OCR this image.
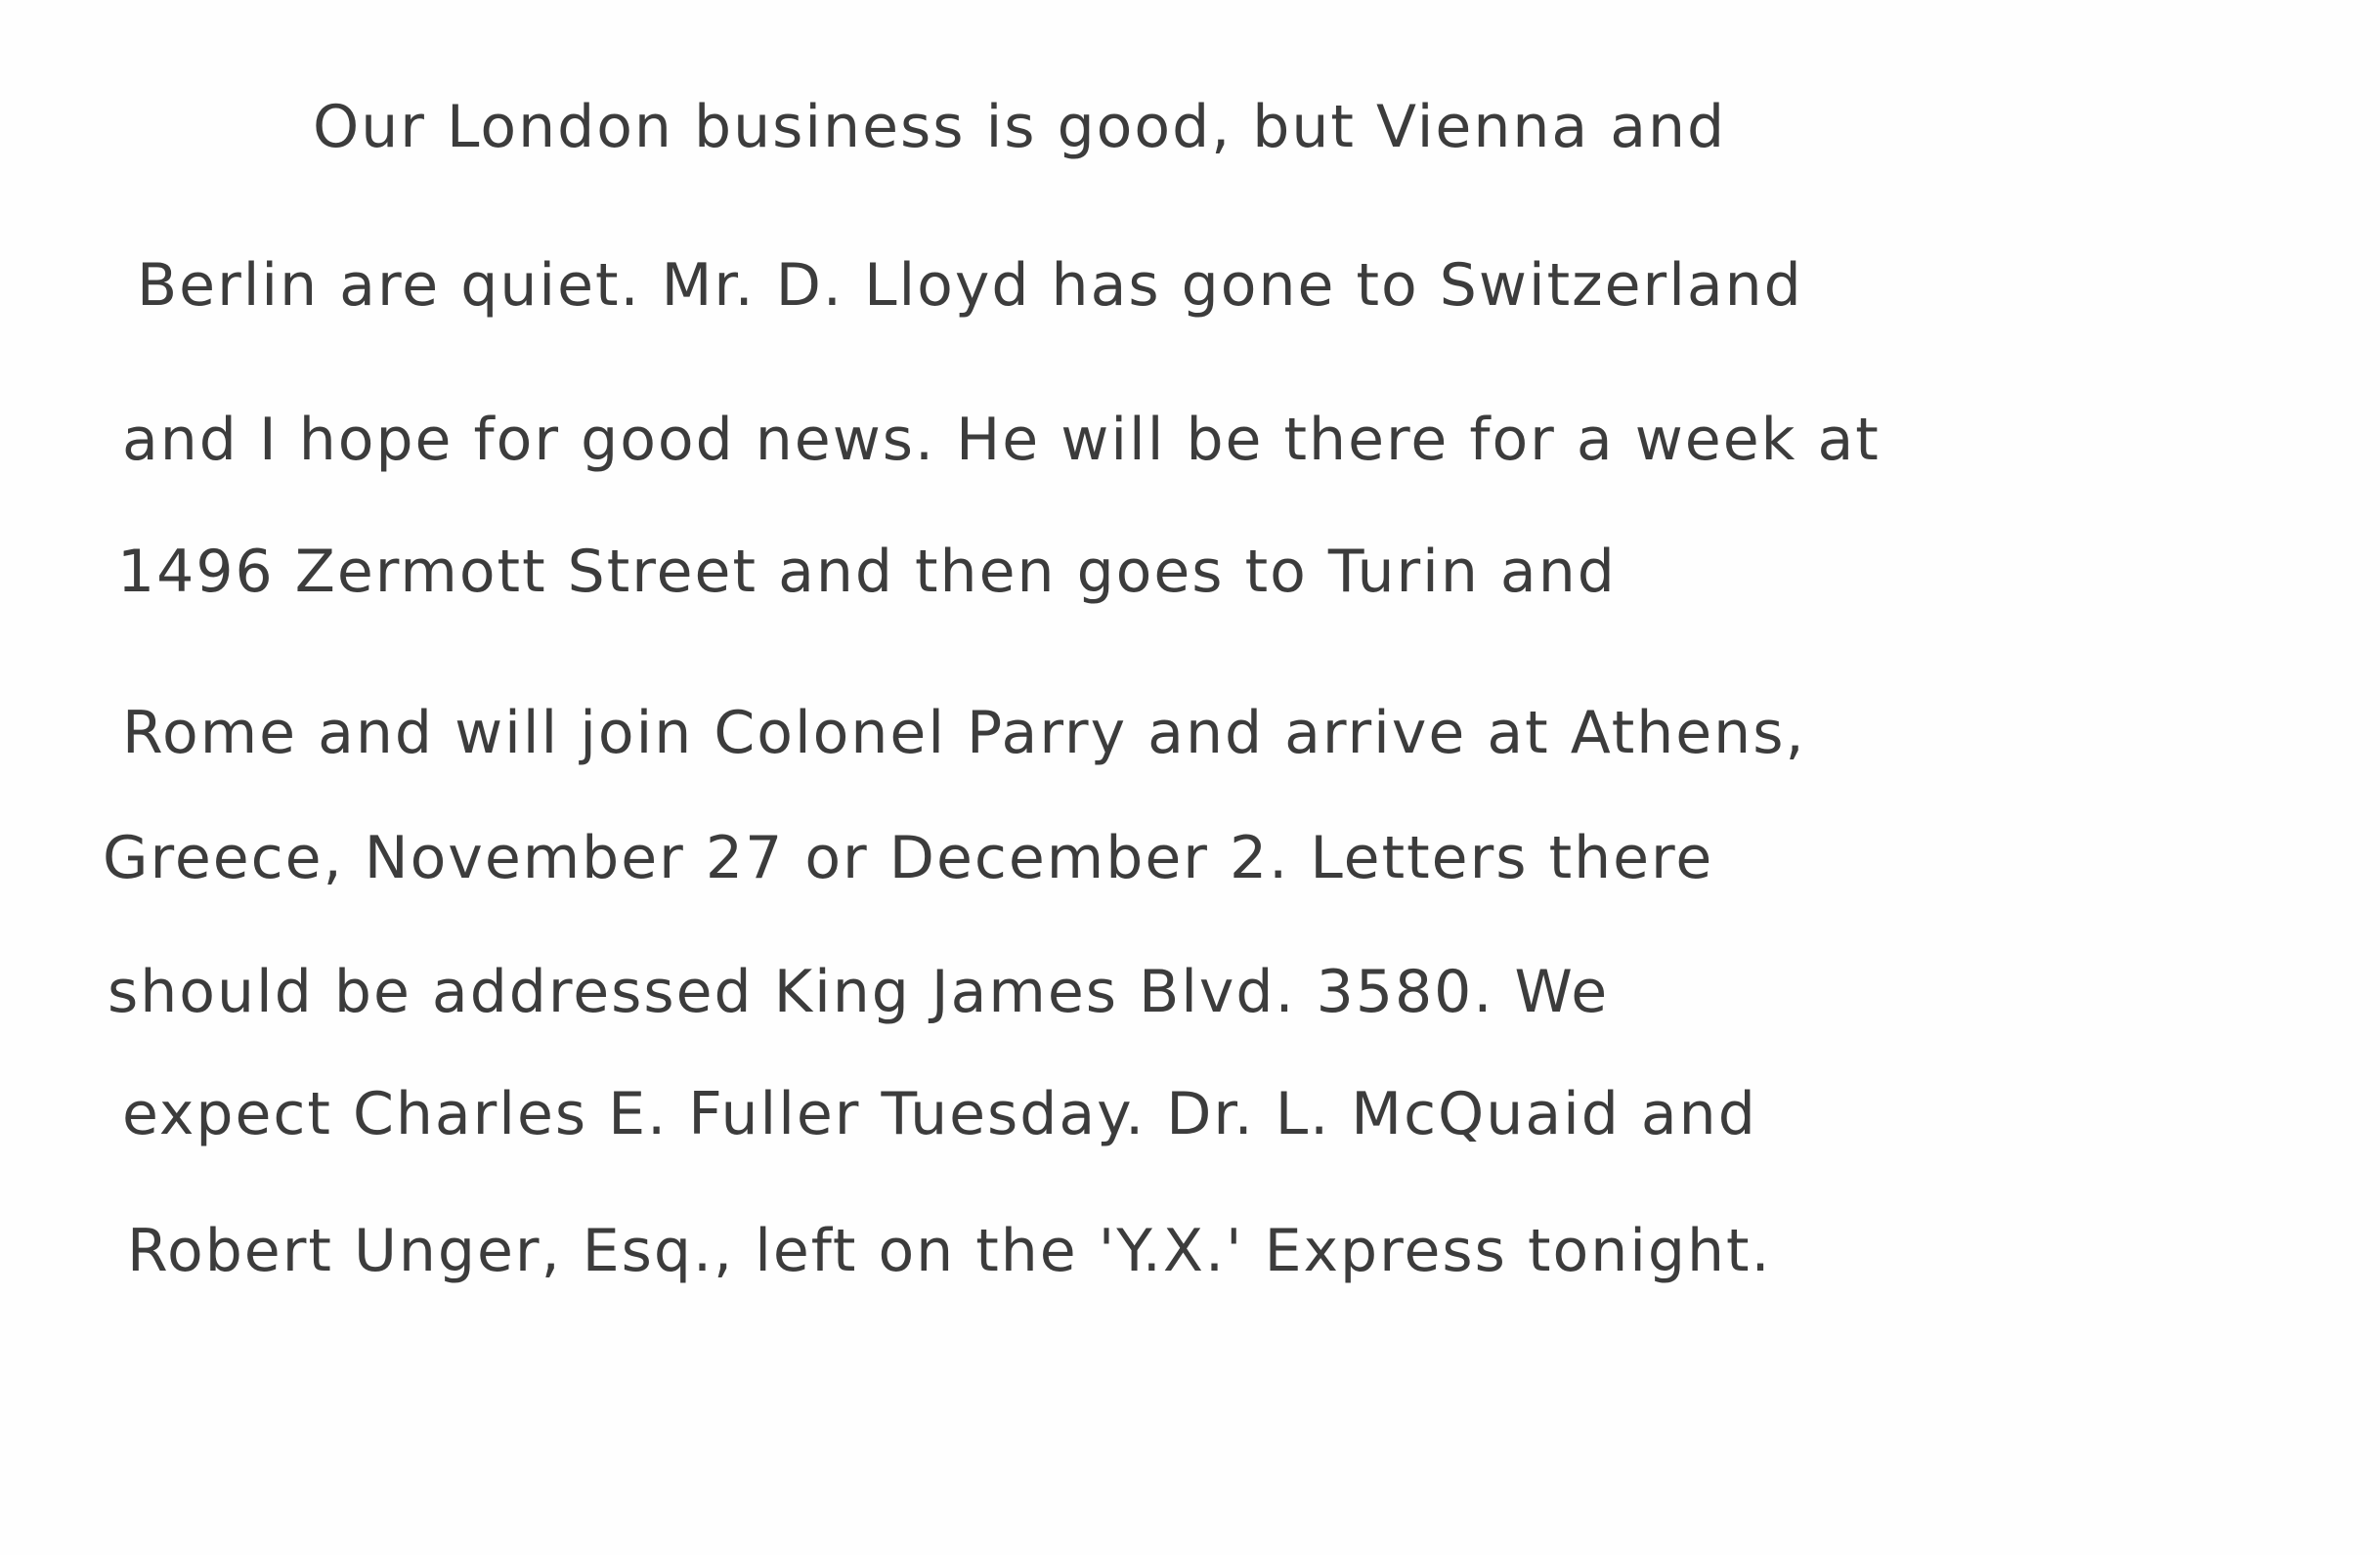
Our London business is good, but Vienna and
Berlin are quiet. Mr. D. Lloyd has gone to Switzerland
and I hope for good news. He will be there for a week at
1496 Zermott Street and then goes to Turin and
Rome and will join Colonel Parry and arrive at Athens,
Greece, November 27 or December 2. Letters there
should be addressed King James Blvd. 3580. We
expect Charles E. Fuller Tuesday. Dr. L. McQuaid and
Robert Unger, Esq., left on the 'Y.X.' Express tonight.
